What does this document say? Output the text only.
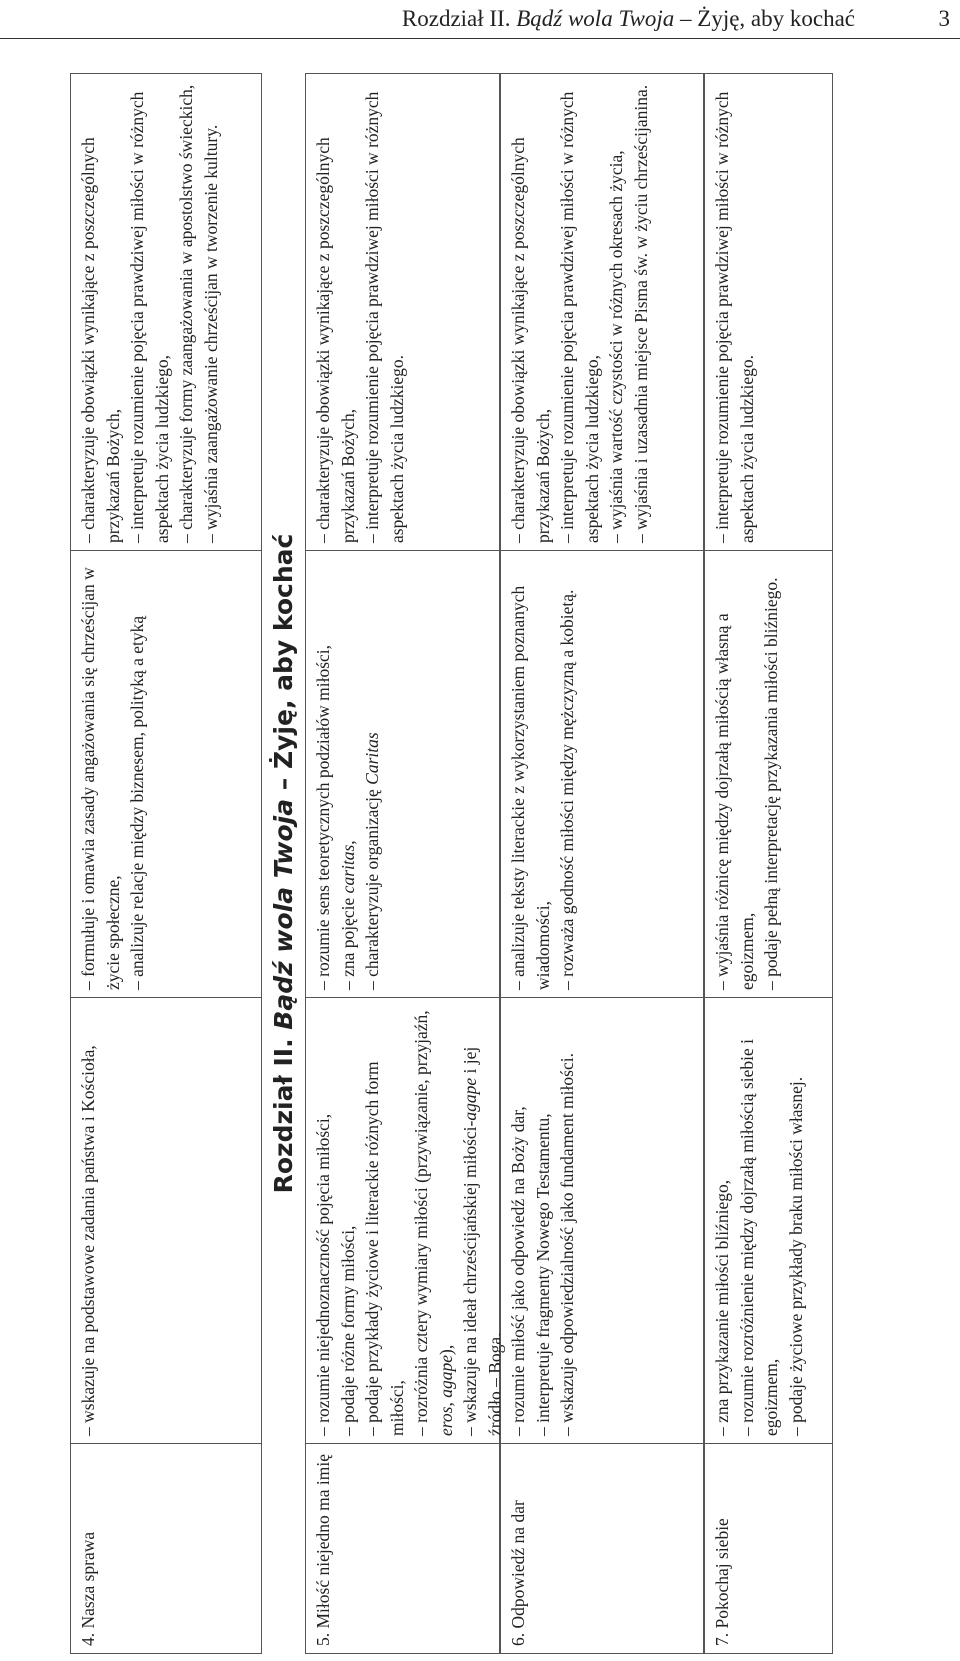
Rozdział II. Bądź wola Twoja – Żyję, aby kochać	3
4. Nasza sprawa

– wskazuje na podstawowe zadania państwa i Kościoła,

– formułuje i omawia zasady angażowania się chrześcijan w życie społeczne, – analizuje relacje między biznesem, polityką a etyką

– charakteryzuje obowiązki wynikające z poszczególnych przykazań Bożych, – interpretuje rozumienie pojęcia prawdziwej miłości w różnych aspektach życia ludzkiego, – charakteryzuje formy zaangażowania w apostolstwo świeckich, – wyjaśnia zaangażowanie chrześcijan w tworzenie kultury.

Rozdział II. Bądź wola Twoja – Żyję, aby kochać
5. Miłość niejedno ma imię

– rozumie niejednoznaczność pojęcia miłości, – podaje różne formy miłości, – podaje przykłady życiowe i literackie różnych form miłości, – rozróżnia cztery wymiary miłości (przywiązanie, przyjaźń, eros, agape), – wskazuje na ideał chrześcijańskiej miłości-agape i jej źródło – Boga.

– rozumie sens teoretycznych podziałów miłości, – zna pojęcie caritas, – charakteryzuje organizację Caritas

– charakteryzuje obowiązki wynikające z poszczególnych przykazań Bożych, – interpretuje rozumienie pojęcia prawdziwej miłości w różnych aspektach życia ludzkiego.

6. Odpowiedź na dar

– rozumie miłość jako odpowiedź na Boży dar, – interpretuje fragmenty Nowego Testamentu, – wskazuje odpowiedzialność jako fundament miłości.

– analizuje teksty literackie z wykorzystaniem poznanych wiadomości, – rozważa godność miłości między mężczyzną a kobietą.

– charakteryzuje obowiązki wynikające z poszczególnych przykazań Bożych, – interpretuje rozumienie pojęcia prawdziwej miłości w różnych aspektach życia ludzkiego, – wyjaśnia wartość czystości w różnych okresach życia, – wyjaśnia i uzasadnia miejsce Pisma św. w życiu chrześcijanina.

7. Pokochaj siebie

– zna przykazanie miłości bliźniego, – rozumie rozróżnienie między dojrzałą miłością siebie i egoizmem, – podaje życiowe przykłady braku miłości własnej.

– wyjaśnia różnicę między dojrzałą miłością własną a egoizmem, – podaje pełną interpretację przykazania miłości bliźniego.

– interpretuje rozumienie pojęcia prawdziwej miłości w różnych aspektach życia ludzkiego.
